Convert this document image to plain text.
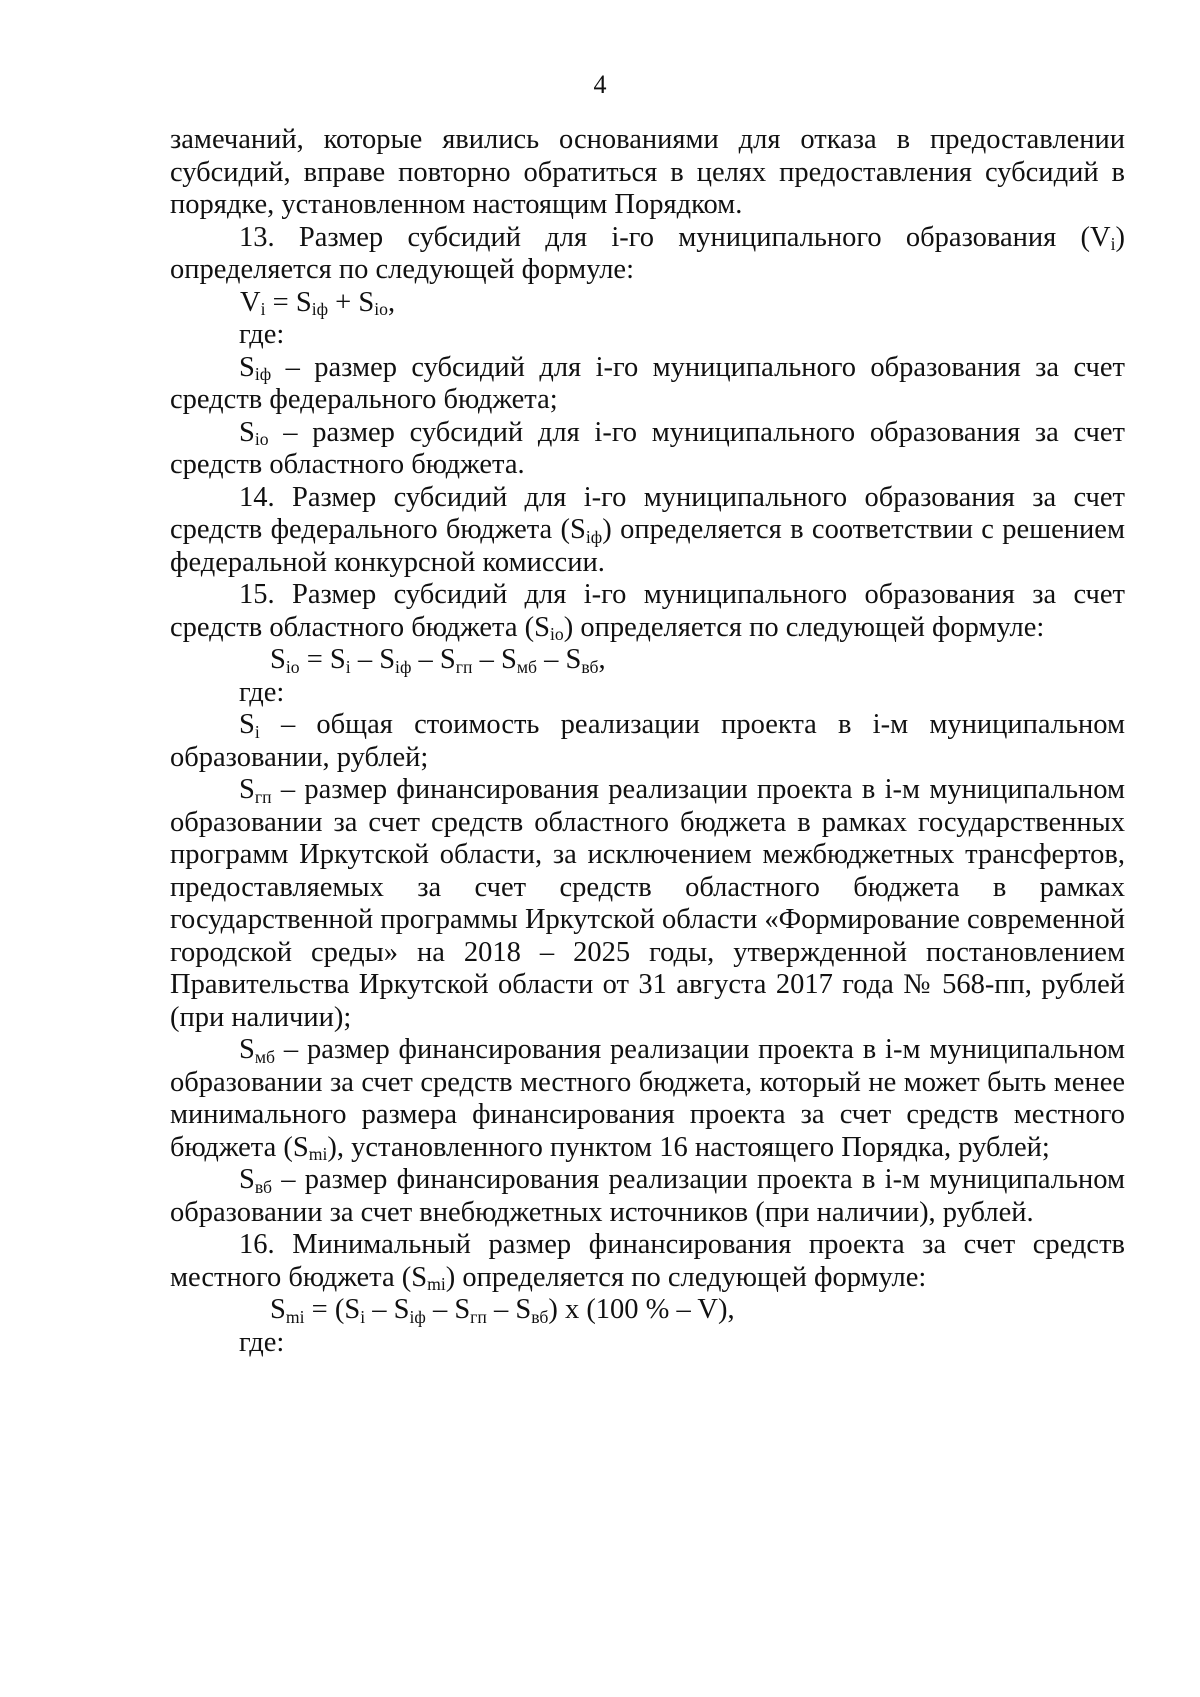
4

замечаний, которые явились основаниями для отказа в предоставлении субсидий, вправе повторно обратиться в целях предоставления субсидий в порядке, установленном настоящим Порядком.

13. Размер субсидий для i-го муниципального образования $(V_i)$ определяется по следующей формуле:

$V_i = S_{iф} + S_{io}$,

где:

$S_{iф}$ – размер субсидий для i-го муниципального образования за счет средств федерального бюджета;

$S_{io}$ – размер субсидий для i-го муниципального образования за счет средств областного бюджета.

14. Размер субсидий для i-го муниципального образования за счет средств федерального бюджета $(S_{iф})$ определяется в соответствии с решением федеральной конкурсной комиссии.

15. Размер субсидий для i-го муниципального образования за счет средств областного бюджета $(S_{io})$ определяется по следующей формуле:

$S_{io} = S_i - S_{iф} - S_{гп} - S_{мб} - S_{вб}$,

где:

$S_i$ – общая стоимость реализации проекта в i-м муниципальном образовании, рублей;

$S_{гп}$ – размер финансирования реализации проекта в i-м муниципальном образовании за счет средств областного бюджета в рамках государственных программ Иркутской области, за исключением межбюджетных трансфертов, предоставляемых за счет средств областного бюджета в рамках государственной программы Иркутской области «Формирование современной городской среды» на 2018 – 2025 годы, утвержденной постановлением Правительства Иркутской области от 31 августа 2017 года № 568-пп, рублей (при наличии);

$S_{мб}$ – размер финансирования реализации проекта в i-м муниципальном образовании за счет средств местного бюджета, который не может быть менее минимального размера финансирования проекта за счет средств местного бюджета $(S_{mi})$, установленного пунктом 16 настоящего Порядка, рублей;

$S_{вб}$ – размер финансирования реализации проекта в i-м муниципальном образовании за счет внебюджетных источников (при наличии), рублей.

16. Минимальный размер финансирования проекта за счет средств местного бюджета $(S_{mi})$ определяется по следующей формуле:

$S_{mi} = (S_i - S_{iф} - S_{гп} - S_{вб})$ x (100 % – V),

где:
